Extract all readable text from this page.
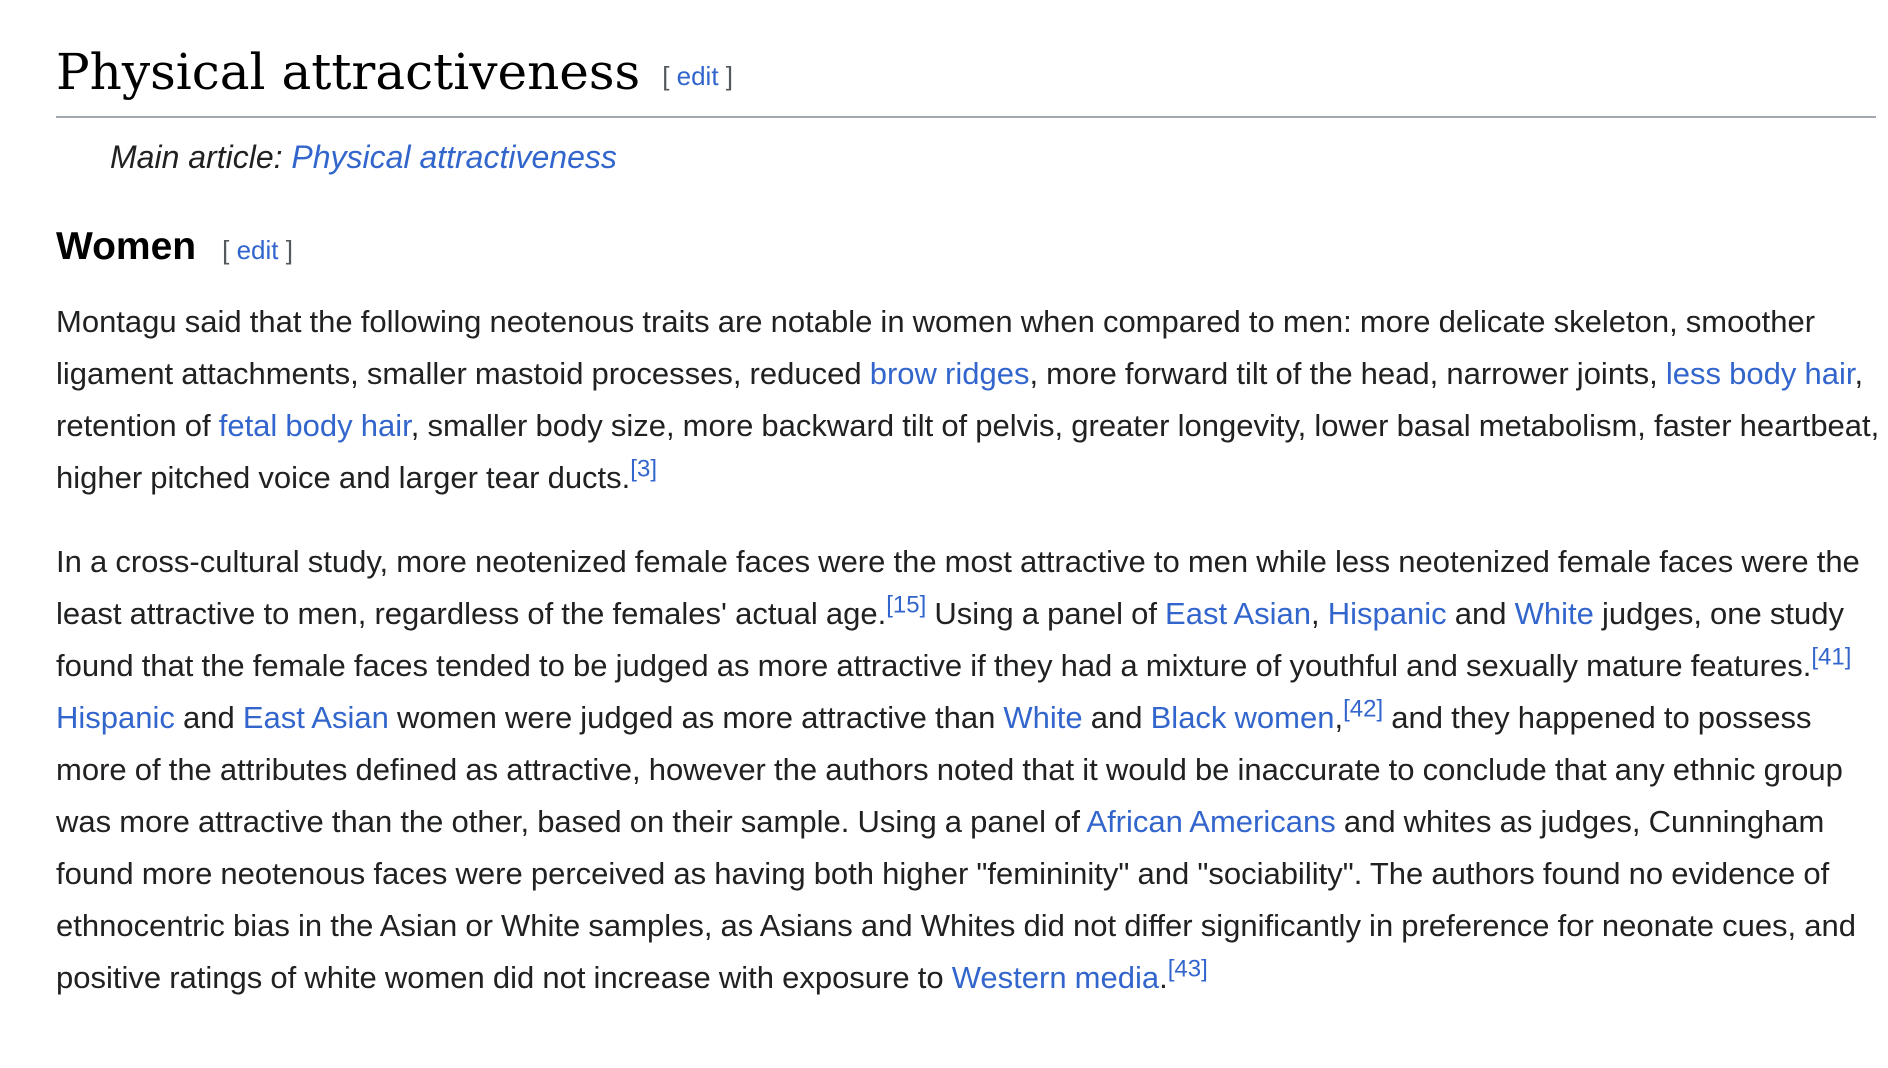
Physical attractiveness [ edit ]
Main article: Physical attractiveness
Women [ edit ]

Montagu said that the following neotenous traits are notable in women when compared to men: more delicate skeleton, smoother ligament attachments, smaller mastoid processes, reduced brow ridges, more forward tilt of the head, narrower joints, less body hair, retention of fetal body hair, smaller body size, more backward tilt of pelvis, greater longevity, lower basal metabolism, faster heartbeat, higher pitched voice and larger tear ducts.[3]

In a cross-cultural study, more neotenized female faces were the most attractive to men while less neotenized female faces were the least attractive to men, regardless of the females' actual age.[15] Using a panel of East Asian, Hispanic and White judges, one study found that the female faces tended to be judged as more attractive if they had a mixture of youthful and sexually mature features.[41] Hispanic and East Asian women were judged as more attractive than White and Black women,[42] and they happened to possess more of the attributes defined as attractive, however the authors noted that it would be inaccurate to conclude that any ethnic group was more attractive than the other, based on their sample. Using a panel of African Americans and whites as judges, Cunningham found more neotenous faces were perceived as having both higher "femininity" and "sociability". The authors found no evidence of ethnocentric bias in the Asian or White samples, as Asians and Whites did not differ significantly in preference for neonate cues, and positive ratings of white women did not increase with exposure to Western media.[43]
